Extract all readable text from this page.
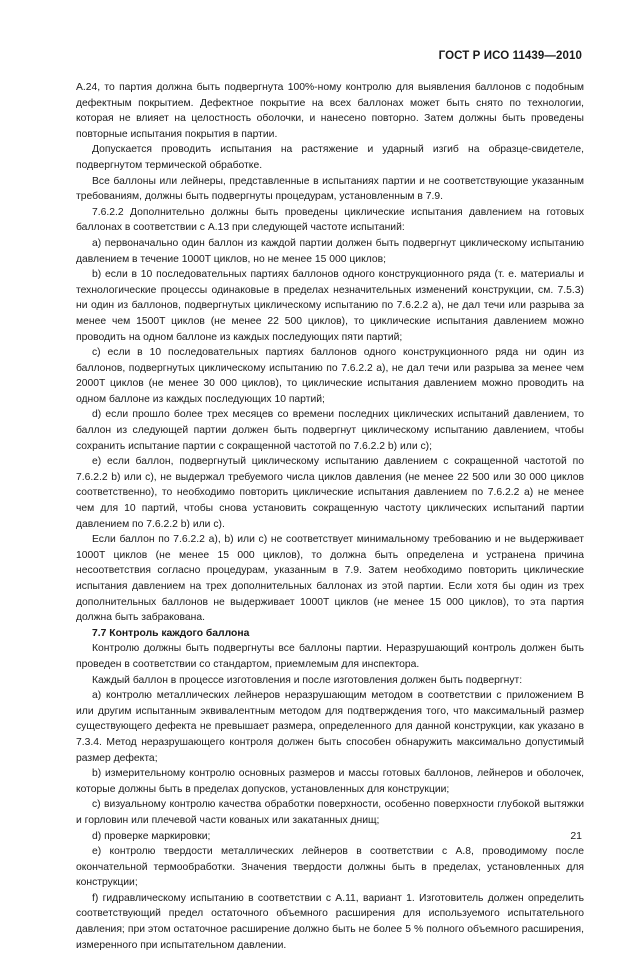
ГОСТ Р ИСО 11439—2010

А.24, то партия должна быть подвергнута 100%-ному контролю для выявления баллонов с подобным дефектным покрытием. Дефектное покрытие на всех баллонах может быть снято по технологии, которая не влияет на целостность оболочки, и нанесено повторно. Затем должны быть проведены повторные испытания покрытия в партии.

Допускается проводить испытания на растяжение и ударный изгиб на образце-свидетеле, подвергнутом термической обработке.

Все баллоны или лейнеры, представленные в испытаниях партии и не соответствующие указанным требованиям, должны быть подвергнуты процедурам, установленным в 7.9.

7.6.2.2 Дополнительно должны быть проведены циклические испытания давлением на готовых баллонах в соответствии с А.13 при следующей частоте испытаний:

а) первоначально один баллон из каждой партии должен быть подвергнут циклическому испытанию давлением в течение 1000T циклов, но не менее 15 000 циклов;

b) если в 10 последовательных партиях баллонов одного конструкционного ряда (т. е. материалы и технологические процессы одинаковые в пределах незначительных изменений конструкции, см. 7.5.3) ни один из баллонов, подвергнутых циклическому испытанию по 7.6.2.2 а), не дал течи или разрыва за менее чем 1500T циклов (не менее 22 500 циклов), то циклические испытания давлением можно проводить на одном баллоне из каждых последующих пяти партий;

с) если в 10 последовательных партиях баллонов одного конструкционного ряда ни один из баллонов, подвергнутых циклическому испытанию по 7.6.2.2 а), не дал течи или разрыва за менее чем 2000T циклов (не менее 30 000 циклов), то циклические испытания давлением можно проводить на одном баллоне из каждых последующих 10 партий;

d) если прошло более трех месяцев со времени последних циклических испытаний давлением, то баллон из следующей партии должен быть подвергнут циклическому испытанию давлением, чтобы сохранить испытание партии с сокращенной частотой по 7.6.2.2 b) или с);

е) если баллон, подвергнутый циклическому испытанию давлением с сокращенной частотой по 7.6.2.2 b) или с), не выдержал требуемого числа циклов давления (не менее 22 500 или 30 000 циклов соответственно), то необходимо повторить циклические испытания давлением по 7.6.2.2 а) не менее чем для 10 партий, чтобы снова установить сокращенную частоту циклических испытаний партии давлением по 7.6.2.2 b) или с).

Если баллон по 7.6.2.2 а), b) или с) не соответствует минимальному требованию и не выдерживает 1000T циклов (не менее 15 000 циклов), то должна быть определена и устранена причина несоответствия согласно процедурам, указанным в 7.9. Затем необходимо повторить циклические испытания давлением на трех дополнительных баллонах из этой партии. Если хотя бы один из трех дополнительных баллонов не выдерживает 1000T циклов (не менее 15 000 циклов), то эта партия должна быть забракована.

7.7 Контроль каждого баллона

Контролю должны быть подвергнуты все баллоны партии. Неразрушающий контроль должен быть проведен в соответствии со стандартом, приемлемым для инспектора.

Каждый баллон в процессе изготовления и после изготовления должен быть подвергнут:

а) контролю металлических лейнеров неразрушающим методом в соответствии с приложением В или другим испытанным эквивалентным методом для подтверждения того, что максимальный размер существующего дефекта не превышает размера, определенного для данной конструкции, как указано в 7.3.4. Метод неразрушающего контроля должен быть способен обнаружить максимально допустимый размер дефекта;

b) измерительному контролю основных размеров и массы готовых баллонов, лейнеров и оболочек, которые должны быть в пределах допусков, установленных для конструкции;

с) визуальному контролю качества обработки поверхности, особенно поверхности глубокой вытяжки и горловин или плечевой части кованых или закатанных днищ;

d) проверке маркировки;

е) контролю твердости металлических лейнеров в соответствии с А.8, проводимому после окончательной термообработки. Значения твердости должны быть в пределах, установленных для конструкции;

f) гидравлическому испытанию в соответствии с А.11, вариант 1. Изготовитель должен определить соответствующий предел остаточного объемного расширения для используемого испытательного давления; при этом остаточное расширение должно быть не более 5 % полного объемного расширения, измеренного при испытательном давлении.

21
